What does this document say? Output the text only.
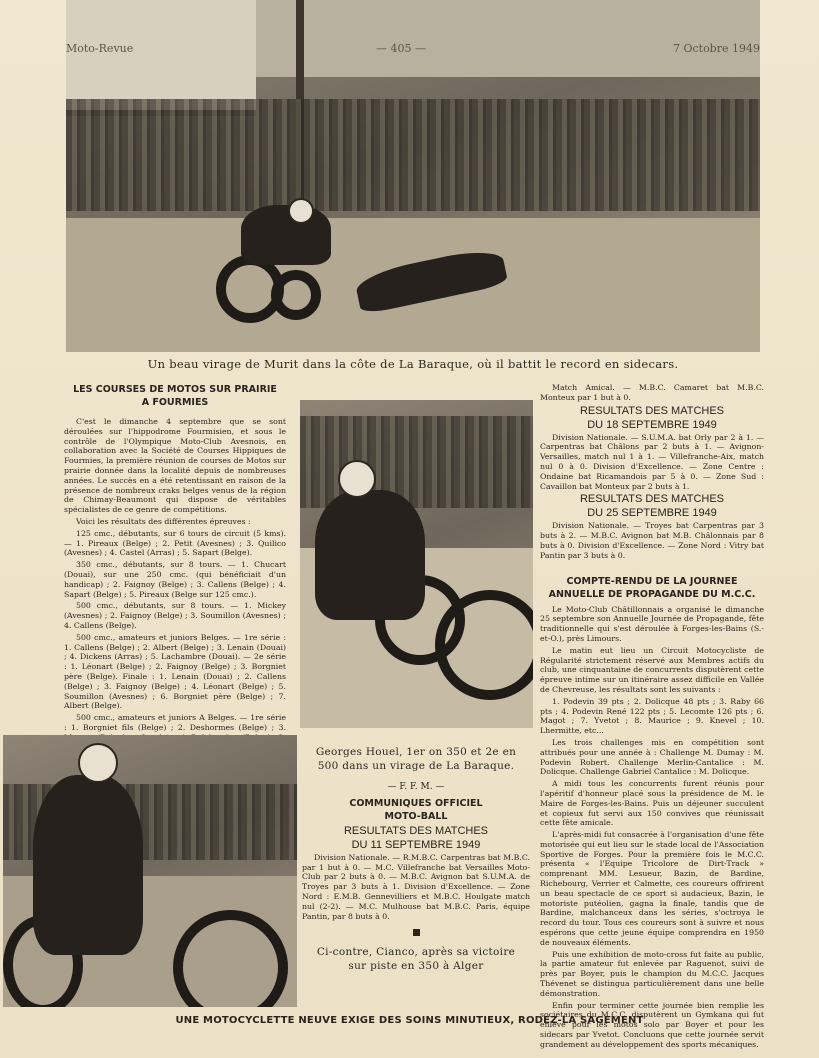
Moto-Revue	— 405 —	7 Octobre 1949
Un beau virage de Murit dans la côte de La Baraque, où il battit le record en sidecars.

LES COURSES DE MOTOS SUR PRAIRIE

A FOURMIES

C'est le dimanche 4 septembre que se sont déroulées sur l'hippodrome Fourmisien, et sous le contrôle de l'Olympique Moto-Club Avesnois, en collaboration avec la Société de Courses Hippiques de Fourmies, la première réunion de courses de Motos sur prairie donnée dans la localité depuis de nombreuses années. Le succès en a été retentissant en raison de la présence de nombreux craks belges venus de la région de Chimay-Beaumont qui dispose de véritables spécialistes de ce genre de compétitions.

Voici les résultats des différentes épreuves :

125 cmc., débutants, sur 6 tours de circuit (5 kms). — 1. Pireaux (Belge) ; 2. Petit (Avesnes) ; 3. Quilico (Avesnes) ; 4. Castel (Arras) ; 5. Sapart (Belge).

350 cmc., débutants, sur 8 tours. — 1. Chucart (Douai), sur une 250 cmc. (qui bénéficiait d'un handicap) ; 2. Faignoy (Belge) ; 3. Callens (Belge) ; 4. Sapart (Belge) ; 5. Pireaux (Belge sur 125 cmc.).

500 cmc., débutants, sur 8 tours. — 1. Mickey (Avesnes) ; 2. Faignoy (Belge) ; 3. Soumillon (Avesnes) ; 4. Callens (Belge).

500 cmc., amateurs et juniors Belges. — 1re série : 1. Callens (Belge) ; 2. Albert (Belge) ; 3. Lenain (Douai) ; 4. Dickens (Arras) ; 5. Lachambre (Douai). — 2e série : 1. Léonart (Belge) ; 2. Faignoy (Belge) ; 3. Borgniet père (Belge). Finale : 1. Lenain (Douai) ; 2. Callens (Belge) ; 3. Faignoy (Belge) ; 4. Léonart (Belge) ; 5. Soumillon (Avesnes) ; 6. Borgniet père (Belge) ; 7. Albert (Belge).

500 cmc., amateurs et juniors A Belges. — 1re série : 1. Borgniet fils (Belge) ; 2. Deshormes (Belge) ; 3.

Georges Houel, 1er on 350 et 2e en 500 dans un virage de La Baraque.

— F. F. M. —

COMMUNIQUES OFFICIEL

MOTO-BALL

RESULTATS DES MATCHES

DU 11 SEPTEMBRE 1949

Division Nationale. — R.M.B.C. Carpentras bat M.B.C. par 1 but à 0. — M.C. Villefranche bat Versailles Moto-Club par 2 buts à 0. — M.B.C. Avignon bat S.U.M.A. de Troyes par 3 buts à 1. Division d'Excellence. — Zone Nord : E.M.B. Gennevilliers et M.B.C. Houlgate match nul (2-2). — M.C. Mulhouse bat M.B.C. Paris, équipe Pantin, par 8 buts à 0.

Ci-contre, Cianco, après sa victoire sur piste en 350 à Alger

Match Amical. — M.B.C. Camaret bat M.B.C. Monteux par 1 but à 0.

RESULTATS DES MATCHES

DU 18 SEPTEMBRE 1949

Division Nationale. — S.U.M.A. bat Orly par 2 à 1. — Carpentras bat Châlons par 2 buts à 1. — Avignon-Versailles, match nul 1 à 1. — Villefranche-Aix, match nul 0 à 0. Division d'Excellence. — Zone Centre : Ondaine bat Ricamandois par 5 à 0. — Zone Sud : Cavaillon bat Monteux par 2 buts à 1.

RESULTATS DES MATCHES

DU 25 SEPTEMBRE 1949

Division Nationale. — Troyes bat Carpentras par 3 buts à 2. — M.B.C. Avignon bat M.B. Châlonnais par 8 buts à 0. Division d'Excellence. — Zone Nord : Vitry bat Pantin par 3 buts à 0.

COMPTE-RENDU DE LA JOURNEE

ANNUELLE DE PROPAGANDE DU M.C.C.

Le Moto-Club Châtillonnais a organisé le dimanche 25 septembre son Annuelle Journée de Propagande, fête traditionnelle qui s'est déroulée à Forges-les-Bains (S.-et-O.), près Limours.

Le matin eut lieu un Circuit Motocycliste de Régularité strictement réservé aux Membres actifs du club, une cinquantaine de concurrents disputèrent cette épreuve intime sur un itinéraire assez difficile en Vallée de Chevreuse, les résultats sont les suivants :

1. Podevin 39 pts ; 2. Dolicque 48 pts ; 3. Raby 66 pts ; 4. Podevin René 122 pts ; 5. Lecomte 126 pts ; 6. Magot ; 7. Yvetot ; 8. Maurice ; 9. Knevel ; 10. Lhermitte, etc...

Les trois challenges mis en compétition sont attribués pour une année à : Challenge M. Dumay : M. Podevin Robert. Challenge Merlin-Cantalice : M. Dolicque. Challenge Gabriel Cantalice : M. Dolicque.

A midi tous les concurrents furent réunis pour l'apéritif d'honneur placé sous la présidence de M. le Maire de Forges-les-Bains. Puis un déjeuner succulent et copieux fut servi aux 150 convives que réunissait cette fête amicale.

L'après-midi fut consacrée à l'organisation d'une fête motorisée qui eut lieu sur le stade local de l'Association Sportive de Forges. Pour la première fois le M.C.C. présenta « l'Equipe Tricolore de Dirt-Track » comprenant MM. Lesueur, Bazin, de Bardine, Richebourg, Verrier et Calmette, ces coureurs offrirent un beau spectacle de ce sport si audacieux, Bazin, le motoriste putéolien, gagna la finale, tandis que de Bardine, malchanceux dans les séries, s'octroya le record du tour. Tous ces coureurs sont à suivre et nous espérons que cette jeune équipe comprendra en 1950 de nouveaux éléments.

Puis une exhibition de moto-cross fut faite au public, la partie amateur fut enlevée par Raguenot, suivi de près par Boyer, puis le champion du M.C.C. Jacques Thévenet se distingua particulièrement dans une belle démonstration.

Enfin pour terminer cette journée bien remplie les sociétaires du M.C.C. disputèrent un Gymkana qui fut enlevé pour les motos solo par Boyer et pour les sidecars par Yvetot. Concluons que cette journée servit grandement au développement des sports mécaniques.

UNE MOTOCYCLETTE NEUVE EXIGE DES SOINS MINUTIEUX, RODEZ-LA SAGEMENT
